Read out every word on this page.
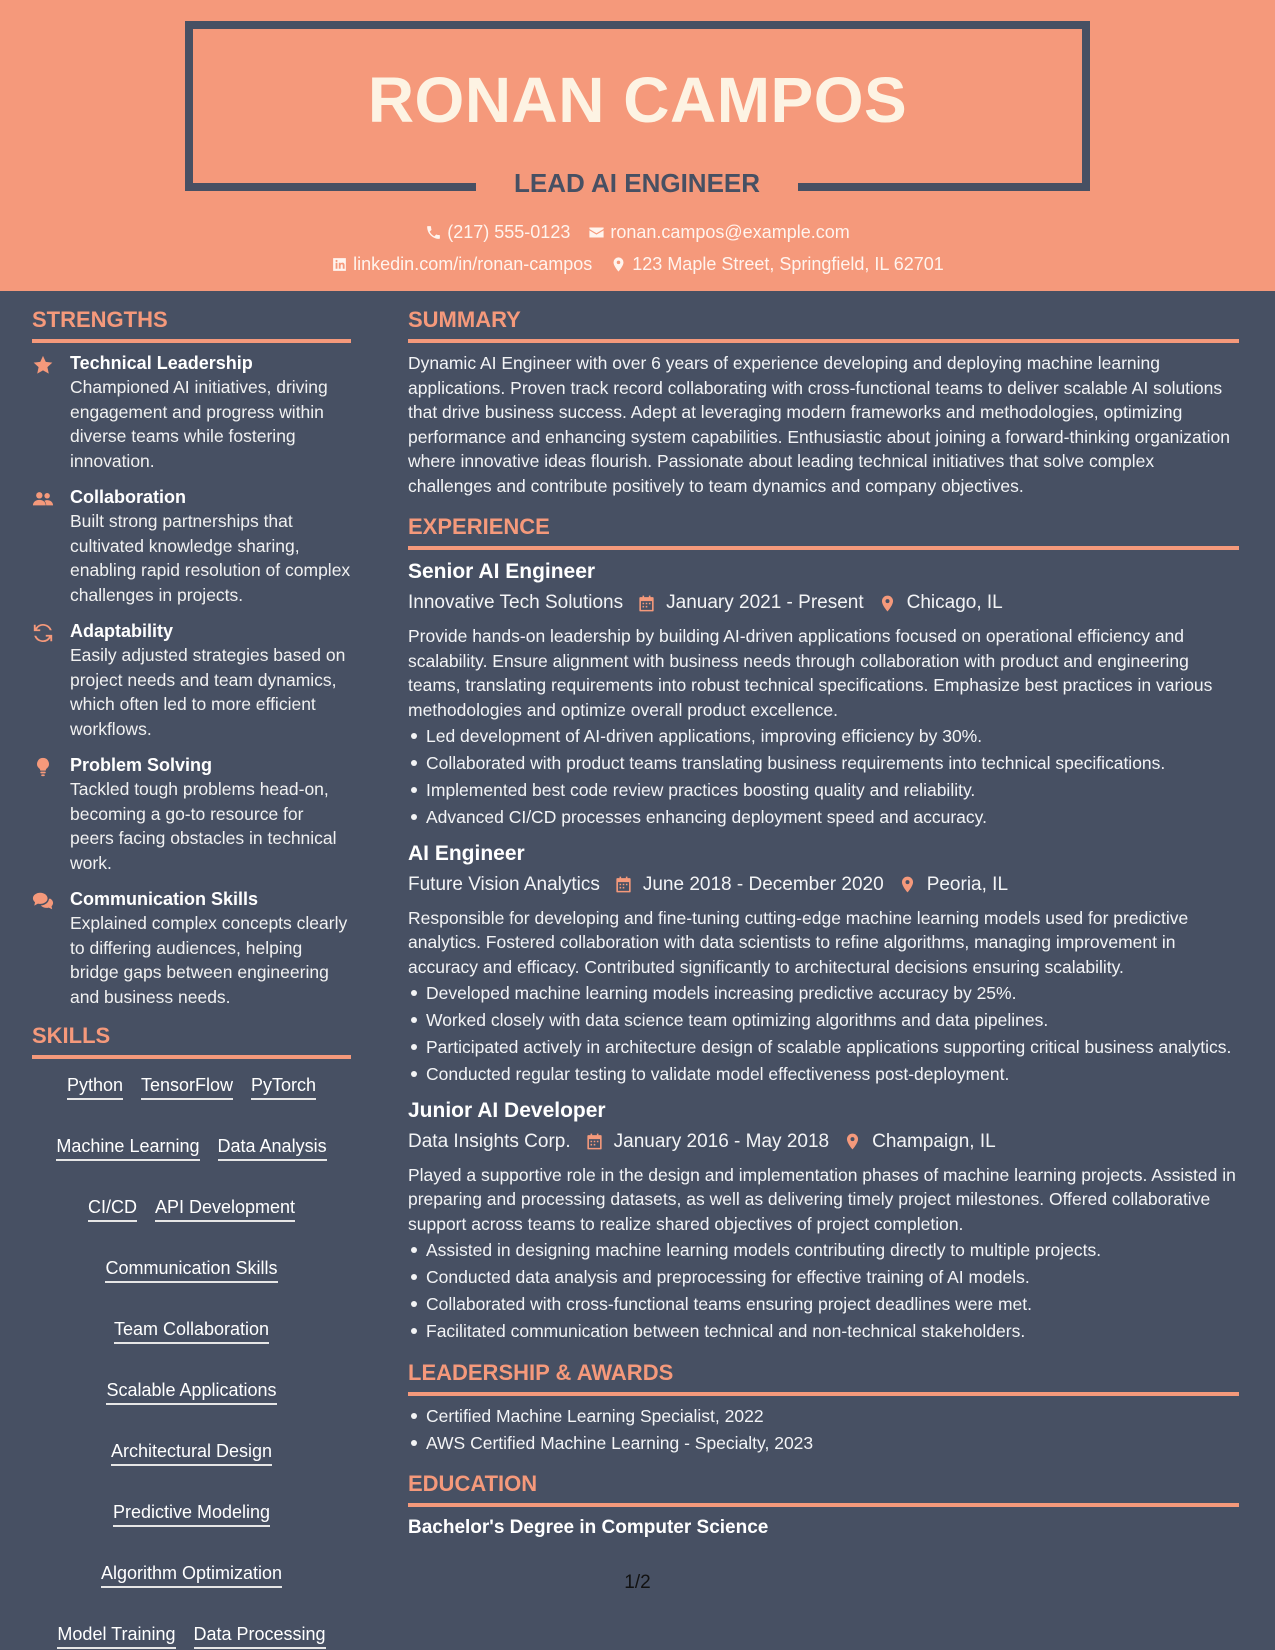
RONAN CAMPOS
LEAD AI ENGINEER
(217) 555-0123 ronan.campos@example.com
linkedin.com/in/ronan-campos 123 Maple Street, Springfield, IL 62701
STRENGTHS
Technical Leadership
Championed AI initiatives, driving engagement and progress within diverse teams while fostering innovation.
Collaboration
Built strong partnerships that cultivated knowledge sharing, enabling rapid resolution of complex challenges in projects.
Adaptability
Easily adjusted strategies based on project needs and team dynamics, which often led to more efficient workflows.
Problem Solving
Tackled tough problems head-on, becoming a go-to resource for peers facing obstacles in technical work.
Communication Skills
Explained complex concepts clearly to differing audiences, helping bridge gaps between engineering and business needs.
SKILLS
Python TensorFlow PyTorch
Machine Learning Data Analysis
CI/CD API Development
Communication Skills
Team Collaboration
Scalable Applications
Architectural Design
Predictive Modeling
Algorithm Optimization
Model Training Data Processing
SUMMARY
Dynamic AI Engineer with over 6 years of experience developing and deploying machine learning applications. Proven track record collaborating with cross-functional teams to deliver scalable AI solutions that drive business success. Adept at leveraging modern frameworks and methodologies, optimizing performance and enhancing system capabilities. Enthusiastic about joining a forward-thinking organization where innovative ideas flourish. Passionate about leading technical initiatives that solve complex challenges and contribute positively to team dynamics and company objectives.
EXPERIENCE
Senior AI Engineer
Innovative Tech Solutions January 2021 - Present Chicago, IL
Provide hands-on leadership by building AI-driven applications focused on operational efficiency and scalability. Ensure alignment with business needs through collaboration with product and engineering teams, translating requirements into robust technical specifications. Emphasize best practices in various methodologies and optimize overall product excellence.
Led development of AI-driven applications, improving efficiency by 30%.
Collaborated with product teams translating business requirements into technical specifications.
Implemented best code review practices boosting quality and reliability.
Advanced CI/CD processes enhancing deployment speed and accuracy.
AI Engineer
Future Vision Analytics June 2018 - December 2020 Peoria, IL
Responsible for developing and fine-tuning cutting-edge machine learning models used for predictive analytics. Fostered collaboration with data scientists to refine algorithms, managing improvement in accuracy and efficacy. Contributed significantly to architectural decisions ensuring scalability.
Developed machine learning models increasing predictive accuracy by 25%.
Worked closely with data science team optimizing algorithms and data pipelines.
Participated actively in architecture design of scalable applications supporting critical business analytics.
Conducted regular testing to validate model effectiveness post-deployment.
Junior AI Developer
Data Insights Corp. January 2016 - May 2018 Champaign, IL
Played a supportive role in the design and implementation phases of machine learning projects. Assisted in preparing and processing datasets, as well as delivering timely project milestones. Offered collaborative support across teams to realize shared objectives of project completion.
Assisted in designing machine learning models contributing directly to multiple projects.
Conducted data analysis and preprocessing for effective training of AI models.
Collaborated with cross-functional teams ensuring project deadlines were met.
Facilitated communication between technical and non-technical stakeholders.
LEADERSHIP & AWARDS
Certified Machine Learning Specialist, 2022
AWS Certified Machine Learning - Specialty, 2023
EDUCATION
Bachelor's Degree in Computer Science
1/2
